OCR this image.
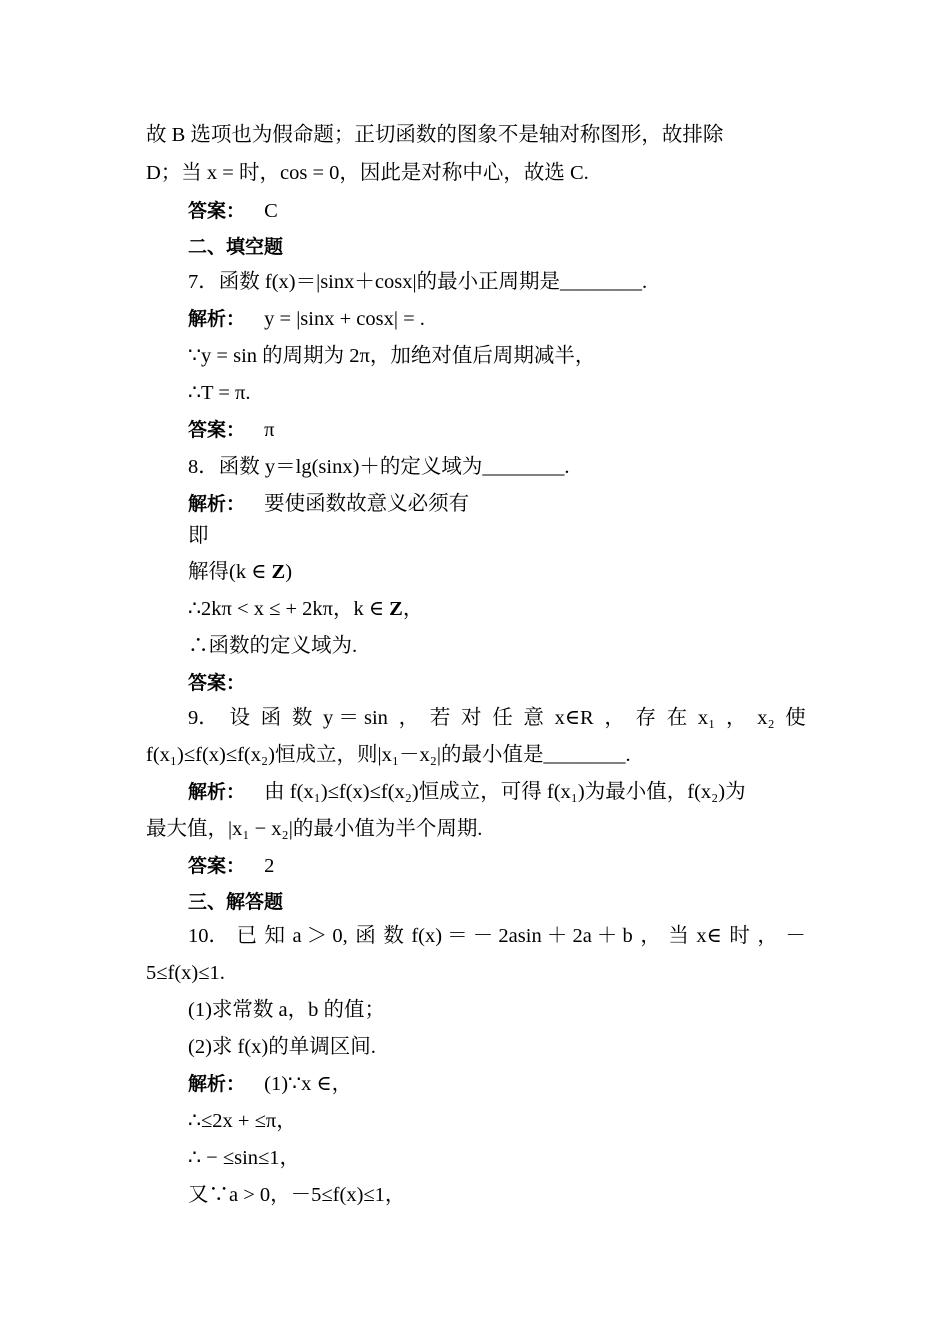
故 B 选项也为假命题；正切函数的图象不是轴对称图形，故排除
D；当 x = 时，cos = 0，因此是对称中心，故选 C.
答案： C
二、填空题
7．函数 f(x)＝|sinx＋cosx|的最小正周期是________.
解析： y = |sinx + cosx| = .
∵y = sin 的周期为 2π，加绝对值后周期减半，
∴T = π.
答案： π
8．函数 y＝lg(sinx)＋的定义域为________.
解析： 要使函数故意义必须有
即
解得(k ∈ Z)
∴2kπ < x ≤ + 2kπ，k ∈ Z，
∴函数的定义域为.
答案：
9． 设 函 数 y ＝ sin ， 若 对 任 意 x∈R ， 存 在 x₁ ， x₂ 使
f(x₁)≤f(x)≤f(x₂)恒成立，则|x₁－x₂|的最小值是________.
解析： 由 f(x₁)≤f(x)≤f(x₂)恒成立，可得 f(x₁)为最小值，f(x₂)为
最大值，|x₁ − x₂|的最小值为半个周期.
答案： 2
三、解答题
10． 已 知 a ＞ 0, 函 数 f(x) ＝ － 2asin ＋ 2a ＋ b ， 当 x∈ 时 ， －
5≤f(x)≤1.
(1)求常数 a，b 的值；
(2)求 f(x)的单调区间.
解析： (1)∵x ∈，
∴≤2x + ≤π，
∴ − ≤sin≤1，
又∵a > 0，－5≤f(x)≤1，
